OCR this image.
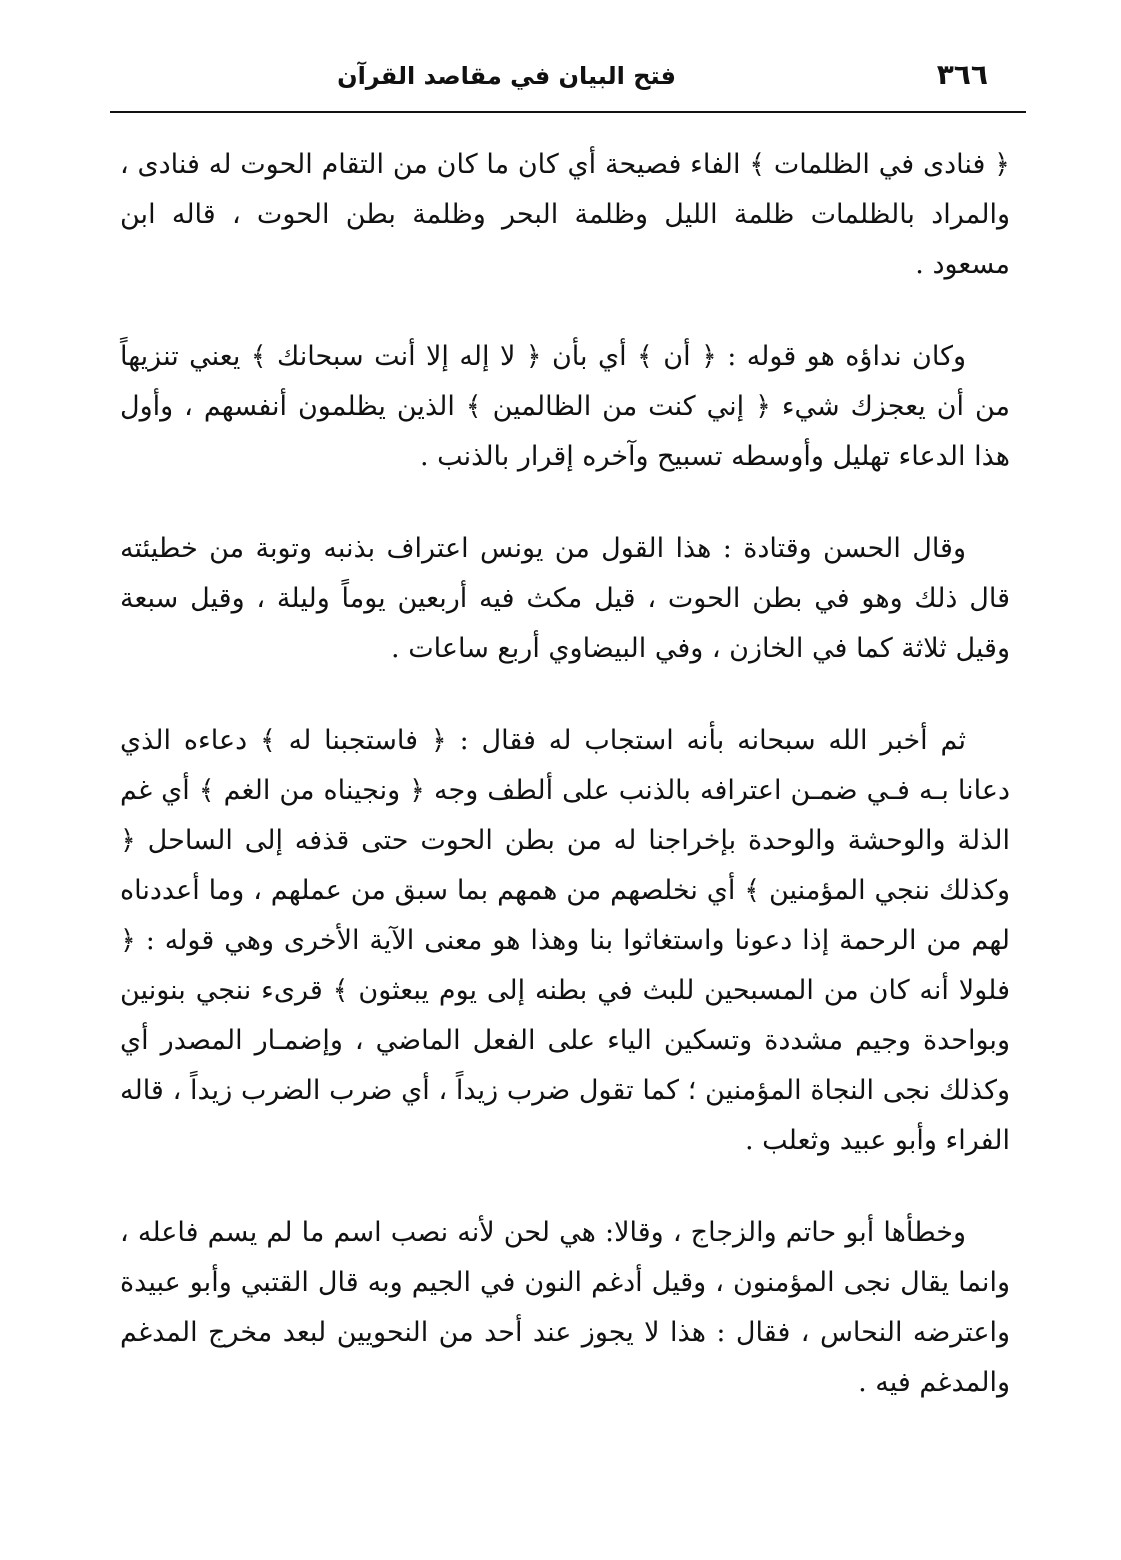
٣٦٦
فتح البيان في مقاصد القرآن

﴿ فنادى في الظلمات ﴾ الفاء فصيحة أي كان ما كان من التقام الحوت له فنادى ، والمراد بالظلمات ظلمة الليل وظلمة البحر وظلمة بطن الحوت ، قاله ابن مسعود .

وكان نداؤه هو قوله : ﴿ أن ﴾ أي بأن ﴿ لا إله إلا أنت سبحانك ﴾ يعني تنزيهاً من أن يعجزك شيء ﴿ إني كنت من الظالمين ﴾ الذين يظلمون أنفسهم ، وأول هذا الدعاء تهليل وأوسطه تسبيح وآخره إقرار بالذنب .

وقال الحسن وقتادة : هذا القول من يونس اعتراف بذنبه وتوبة من خطيئته قال ذلك وهو في بطن الحوت ، قيل مكث فيه أربعين يوماً وليلة ، وقيل سبعة وقيل ثلاثة كما في الخازن ، وفي البيضاوي أربع ساعات .

ثم أخبر الله سبحانه بأنه استجاب له فقال : ﴿ فاستجبنا له ﴾ دعاءه الذي دعانا بـه فـي ضمـن اعترافه بالذنب على ألطف وجه ﴿ ونجيناه من الغم ﴾ أي غم الذلة والوحشة والوحدة بإخراجنا له من بطن الحوت حتى قذفه إلى الساحل ﴿ وكذلك ننجي المؤمنين ﴾ أي نخلصهم من همهم بما سبق من عملهم ، وما أعددناه لهم من الرحمة إذا دعونا واستغاثوا بنا وهذا هو معنى الآية الأخرى وهي قوله : ﴿ فلولا أنه كان من المسبحين للبث في بطنه إلى يوم يبعثون ﴾ قرىء ننجي بنونين وبواحدة وجيم مشددة وتسكين الياء على الفعل الماضي ، وإضمـار المصدر أي وكذلك نجى النجاة المؤمنين ؛ كما تقول ضرب زيداً ، أي ضرب الضرب زيداً ، قاله الفراء وأبو عبيد وثعلب .

وخطأها أبو حاتم والزجاج ، وقالا: هي لحن لأنه نصب اسم ما لم يسم فاعله ، وانما يقال نجى المؤمنون ، وقيل أدغم النون في الجيم وبه قال القتبي وأبو عبيدة واعترضه النحاس ، فقال : هذا لا يجوز عند أحد من النحويين لبعد مخرج المدغم والمدغم فيه .
